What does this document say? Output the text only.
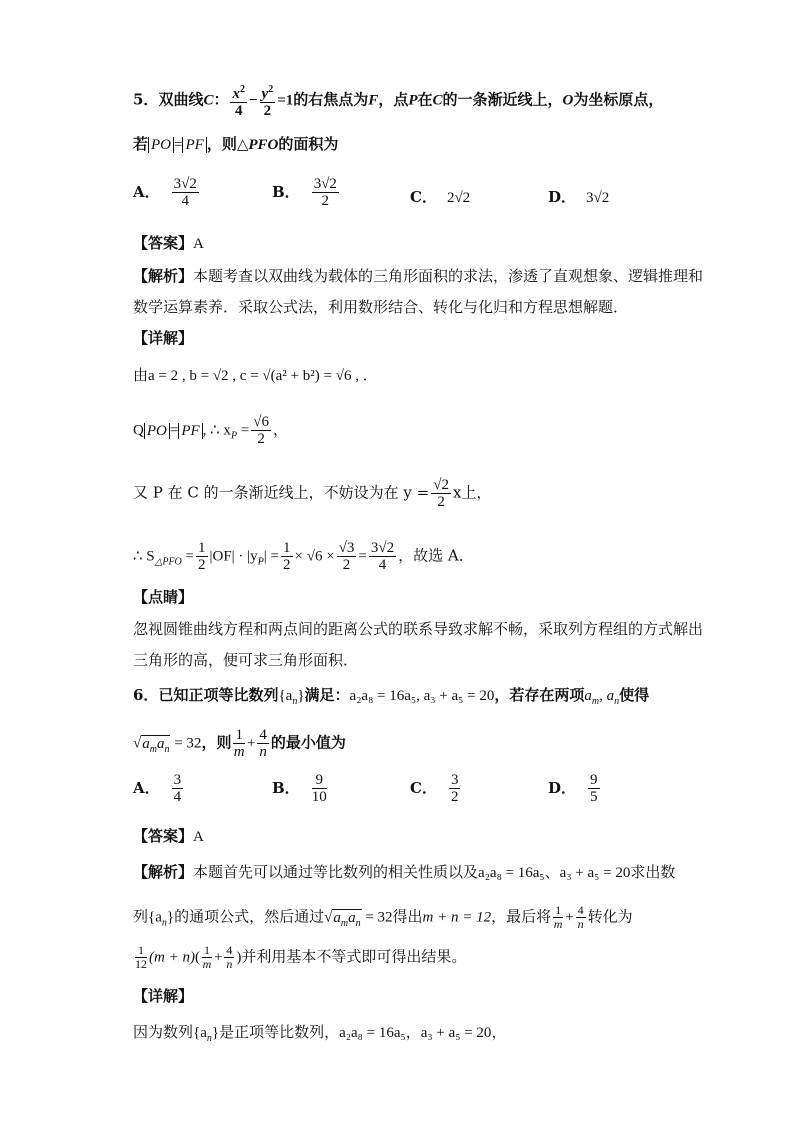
5．双曲线C： $\frac{x^2}{4} - \frac{y^2}{2} =1$的右焦点为F，点P在C的一条渐近线上，O为坐标原点，
若 PO = PF ，则△PFO的面积为
A． $\frac{3√2}{4}$	B． $\frac{3√2}{2}$	C． 2√2	D． 3√2
【答案】A
【解析】本题考查以双曲线为载体的三角形面积的求法，渗透了直观想象、逻辑推理和
数学运算素养．采取公式法，利用数形结合、转化与化归和方程思想解题．
【详解】
由a = 2 , b = √2 , c = √(a² + b²) = √6 , ．
Q PO = PF , ∴ $x_P = \frac{√6}{2}$ ，
又 P 在 C 的一条渐近线上，不妨设为在 $y = \frac{√2}{2}$ x上，
∴ $S_{\triangle PFO} = \frac{1}{2} |OF| \cdot |y_P| = \frac{1}{2} \times √6 \times \frac{√3}{2} = \frac{3√2}{4}$ ，故选 A．
【点睛】
忽视圆锥曲线方程和两点间的距离公式的联系导致求解不畅，采取列方程组的方式解出
三角形的高，便可求三角形面积．
6．已知正项等比数列$\{a_n\}$满足：a₂a₈ = 16a₅, a₃ + a₅ = 20，若存在两项$a_m$, $a_n$使得
$√a_ma_n = 32$，则 $\frac{1}{m} + \frac{4}{n}$ 的最小值为
A． $\frac{3}{4}$	B． $\frac{9}{10}$	C． $\frac{3}{2}$	D． $\frac{9}{5}$
【答案】A
【解析】本题首先可以通过等比数列的相关性质以及a₂a₈ = 16a₅、a₃ + a₅ = 20求出数
列$\{a_n\}$的通项公式，然后通过$√a_ma_n = 32$得出m + n = 12，最后将 $\frac{1}{m} + \frac{4}{n}$ 转化为
$\frac{1}{12} (m + n)( \frac{1}{m} + \frac{4}{n}$ )并利用基本不等式即可得出结果。
【详解】
因为数列$\{a_n\}$是正项等比数列，a₂a₈ = 16a₅，a₃ + a₅ = 20，
